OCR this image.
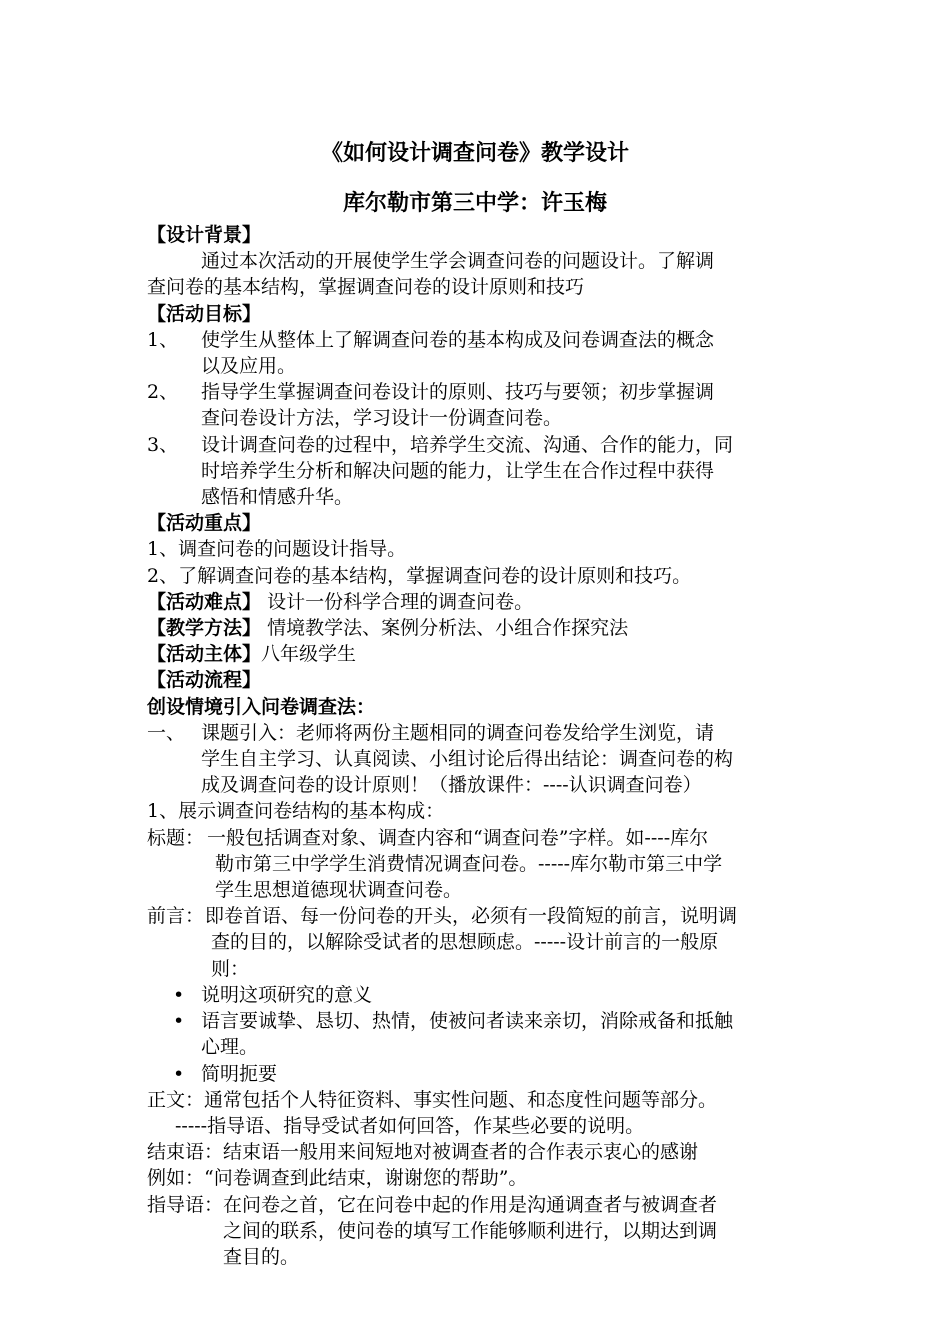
《如何设计调查问卷》教学设计
库尔勒市第三中学：许玉梅
【设计背景】
通过本次活动的开展使学生学会调查问卷的问题设计。了解调
查问卷的基本结构，掌握调查问卷的设计原则和技巧
【活动目标】
1、 使学生从整体上了解调查问卷的基本构成及问卷调查法的概念
以及应用。
2、 指导学生掌握调查问卷设计的原则、技巧与要领；初步掌握调
查问卷设计方法，学习设计一份调查问卷。
3、 设计调查问卷的过程中，培养学生交流、沟通、合作的能力，同
时培养学生分析和解决问题的能力，让学生在合作过程中获得
感悟和情感升华。
【活动重点】
1、调查问卷的问题设计指导。
2、了解调查问卷的基本结构，掌握调查问卷的设计原则和技巧。
【活动难点】 设计一份科学合理的调查问卷。
【教学方法】 情境教学法、案例分析法、小组合作探究法
【活动主体】八年级学生
【活动流程】
创设情境引入问卷调查法：
一、 课题引入：老师将两份主题相同的调查问卷发给学生浏览，请
学生自主学习、认真阅读、小组讨论后得出结论：调查问卷的构
成及调查问卷的设计原则！（播放课件：----认识调查问卷）
1、展示调查问卷结构的基本构成：
标题： 一般包括调查对象、调查内容和“调查问卷”字样。如----库尔
勒市第三中学学生消费情况调查问卷。-----库尔勒市第三中学
学生思想道德现状调查问卷。
前言： 即卷首语、每一份问卷的开头，必须有一段简短的前言，说明调
查的目的，以解除受试者的思想顾虑。-----设计前言的一般原
则：
• 说明这项研究的意义
• 语言要诚挚、恳切、热情，使被问者读来亲切，消除戒备和抵触
心理。
• 简明扼要
正文：通常包括个人特征资料、事实性问题、和态度性问题等部分。
-----指导语、指导受试者如何回答，作某些必要的说明。
结束语：结束语一般用来间短地对被调查者的合作表示衷心的感谢
例如：“问卷调查到此结束，谢谢您的帮助”。
指导语： 在问卷之首，它在问卷中起的作用是沟通调查者与被调查者
之间的联系，使问卷的填写工作能够顺利进行，以期达到调
查目的。
